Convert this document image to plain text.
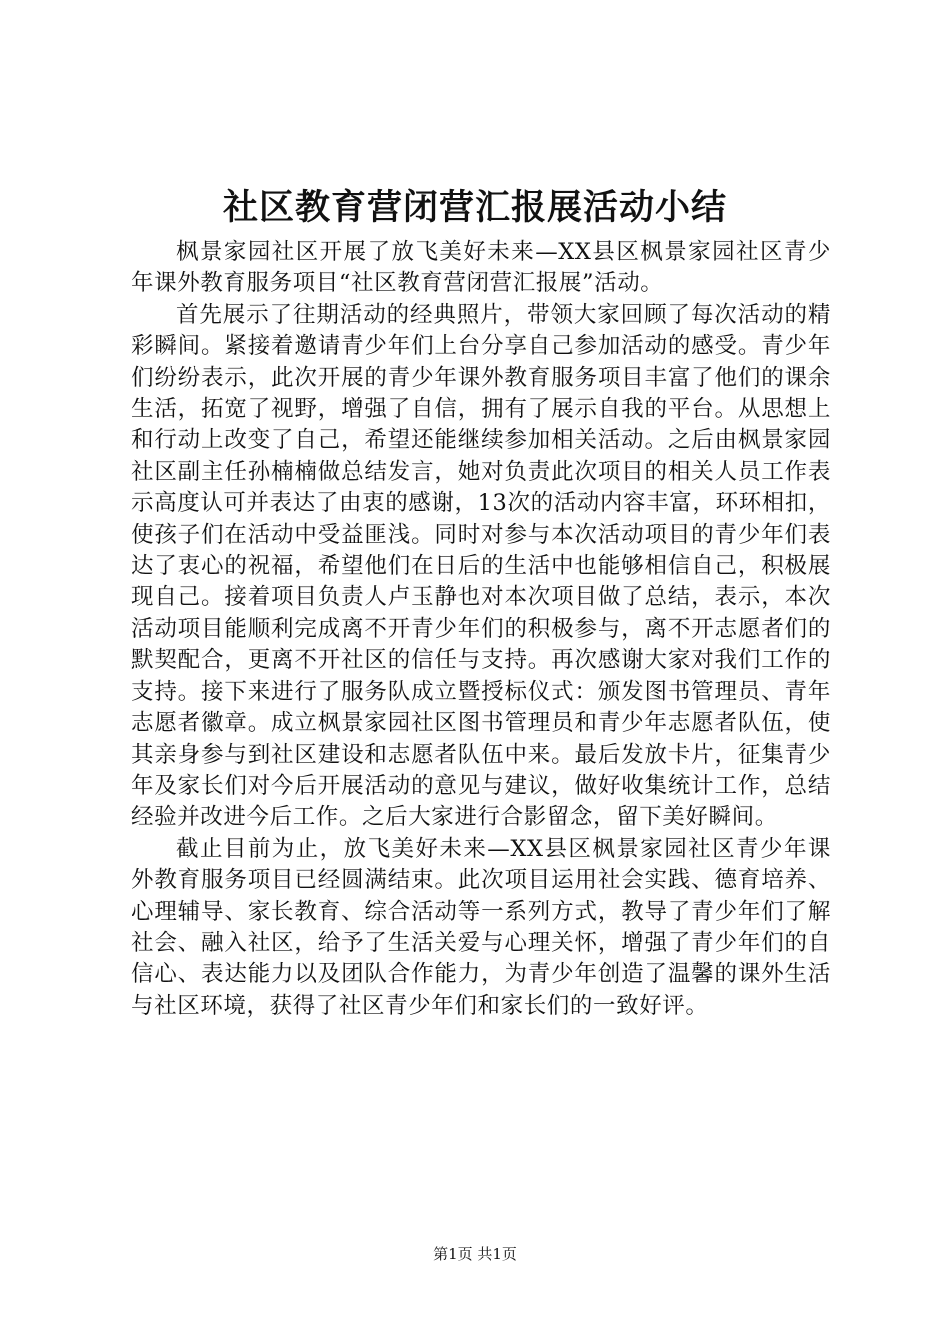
社区教育营闭营汇报展活动小结

枫景家园社区开展了放飞美好未来—XX县区枫景家园社区青少年课外教育服务项目“社区教育营闭营汇报展”活动。

首先展示了往期活动的经典照片，带领大家回顾了每次活动的精彩瞬间。紧接着邀请青少年们上台分享自己参加活动的感受。青少年们纷纷表示，此次开展的青少年课外教育服务项目丰富了他们的课余生活，拓宽了视野，增强了自信，拥有了展示自我的平台。从思想上和行动上改变了自己，希望还能继续参加相关活动。之后由枫景家园社区副主任孙楠楠做总结发言，她对负责此次项目的相关人员工作表示高度认可并表达了由衷的感谢，13次的活动内容丰富，环环相扣，使孩子们在活动中受益匪浅。同时对参与本次活动项目的青少年们表达了衷心的祝福，希望他们在日后的生活中也能够相信自己，积极展现自己。接着项目负责人卢玉静也对本次项目做了总结，表示，本次活动项目能顺利完成离不开青少年们的积极参与，离不开志愿者们的默契配合，更离不开社区的信任与支持。再次感谢大家对我们工作的支持。接下来进行了服务队成立暨授标仪式：颁发图书管理员、青年志愿者徽章。成立枫景家园社区图书管理员和青少年志愿者队伍，使其亲身参与到社区建设和志愿者队伍中来。最后发放卡片，征集青少年及家长们对今后开展活动的意见与建议，做好收集统计工作，总结经验并改进今后工作。之后大家进行合影留念，留下美好瞬间。

截止目前为止，放飞美好未来—XX县区枫景家园社区青少年课外教育服务项目已经圆满结束。此次项目运用社会实践、德育培养、心理辅导、家长教育、综合活动等一系列方式，教导了青少年们了解社会、融入社区，给予了生活关爱与心理关怀，增强了青少年们的自信心、表达能力以及团队合作能力，为青少年创造了温馨的课外生活与社区环境，获得了社区青少年们和家长们的一致好评。

第1页 共1页
